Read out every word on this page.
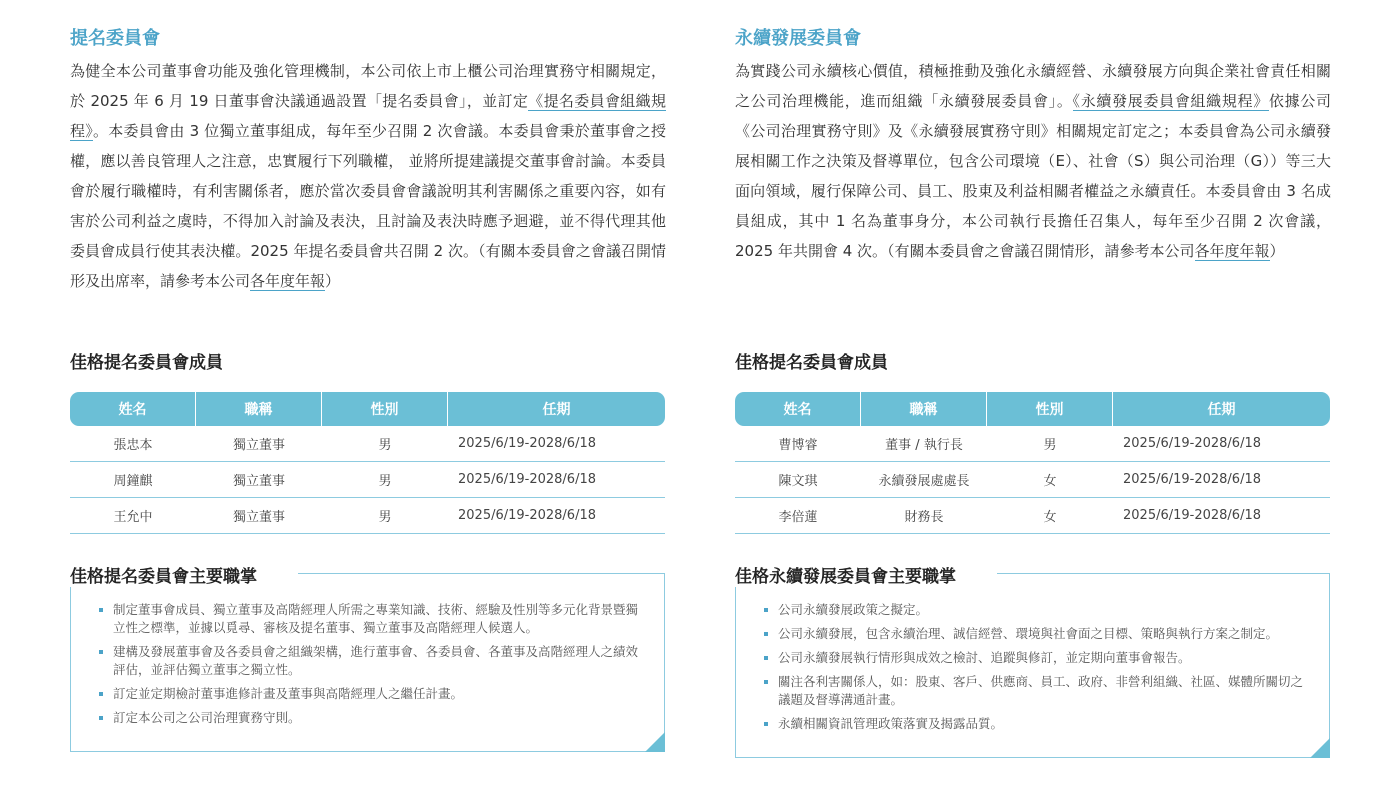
提名委員會

為健全本公司董事會功能及強化管理機制，本公司依上市上櫃公司治理實務守相關規定，於 2025 年 6 月 19 日董事會決議通過設置「提名委員會」，並訂定《提名委員會組織規程》。本委員會由 3 位獨立董事組成，每年至少召開 2 次會議。本委員會秉於董事會之授權，應以善良管理人之注意，忠實履行下列職權， 並將所提建議提交董事會討論。本委員會於履行職權時，有利害關係者，應於當次委員會會議說明其利害關係之重要內容，如有害於公司利益之虞時，不得加入討論及表決，且討論及表決時應予迴避，並不得代理其他委員會成員行使其表決權。2025 年提名委員會共召開 2 次。（有關本委員會之會議召開情形及出席率，請參考本公司各年度年報）

佳格提名委員會成員
姓名	職稱	性別	任期
張忠本	獨立董事	男	2025/6/19-2028/6/18
周鐘麒	獨立董事	男	2025/6/19-2028/6/18
王允中	獨立董事	男	2025/6/19-2028/6/18
佳格提名委員會主要職掌
制定董事會成員、獨立董事及高階經理人所需之專業知識、技術、經驗及性別等多元化背景暨獨立性之標準，並據以覓尋、審核及提名董事、獨立董事及高階經理人候選人。
建構及發展董事會及各委員會之組織架構，進行董事會、各委員會、各董事及高階經理人之績效評估，並評估獨立董事之獨立性。
訂定並定期檢討董事進修計畫及董事與高階經理人之繼任計畫。
訂定本公司之公司治理實務守則。
永續發展委員會

為實踐公司永續核心價值，積極推動及強化永續經營、永續發展方向與企業社會責任相關之公司治理機能，進而組織「永續發展委員會」。《永續發展委員會組織規程》依據公司《公司治理實務守則》及《永續發展實務守則》相關規定訂定之；本委員會為公司永續發展相關工作之決策及督導單位，包含公司環境（E）、社會（S）與公司治理（G））等三大面向領域，履行保障公司、員工、股東及利益相關者權益之永續責任。本委員會由 3 名成員組成，其中 1 名為董事身分，本公司執行長擔任召集人，每年至少召開 2 次會議，2025 年共開會 4 次。（有關本委員會之會議召開情形，請參考本公司各年度年報）

佳格提名委員會成員
姓名	職稱	性別	任期
曹博睿	董事 / 執行長	男	2025/6/19-2028/6/18
陳文琪	永續發展處處長	女	2025/6/19-2028/6/18
李倍蓮	財務長	女	2025/6/19-2028/6/18
佳格永續發展委員會主要職掌
公司永續發展政策之擬定。
公司永續發展，包含永續治理、誠信經營、環境與社會面之目標、策略與執行方案之制定。
公司永續發展執行情形與成效之檢討、追蹤與修訂，並定期向董事會報告。
關注各利害關係人，如：股東、客戶、供應商、員工、政府、非營利組織、社區、媒體所關切之議題及督導溝通計畫。
永續相關資訊管理政策落實及揭露品質。
